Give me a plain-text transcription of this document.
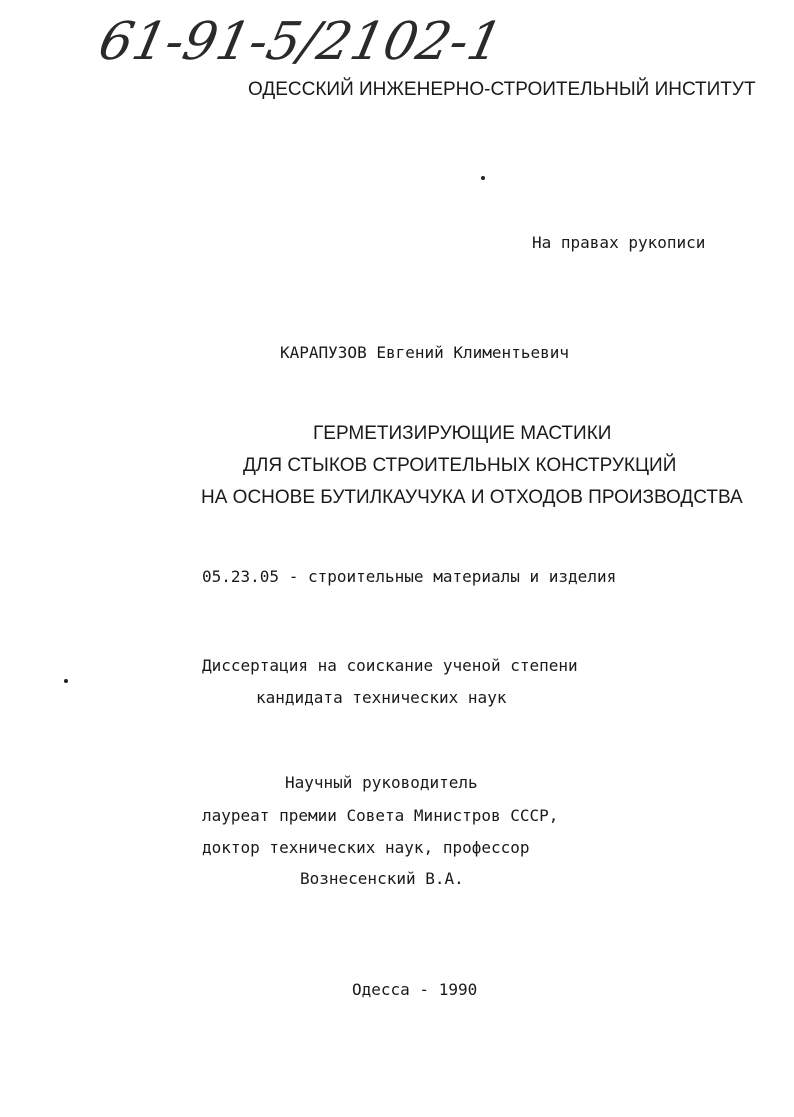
61-91-5/2102-1
ОДЕССКИЙ ИНЖЕНЕРНО-СТРОИТЕЛЬНЫЙ ИНСТИТУТ
На правах рукописи
КАРАПУЗОВ Евгений Климентьевич
ГЕРМЕТИЗИРУЮЩИЕ МАСТИКИ
ДЛЯ СТЫКОВ СТРОИТЕЛЬНЫХ КОНСТРУКЦИЙ
НА ОСНОВЕ БУТИЛКАУЧУКА И ОТХОДОВ ПРОИЗВОДСТВА
05.23.05 - строительные материалы и изделия
Диссертация на соискание ученой степени
кандидата технических наук
Научный руководитель
лауреат премии Совета Министров СССР,
доктор технических наук, профессор
Вознесенский В.А.
Одесса - 1990
